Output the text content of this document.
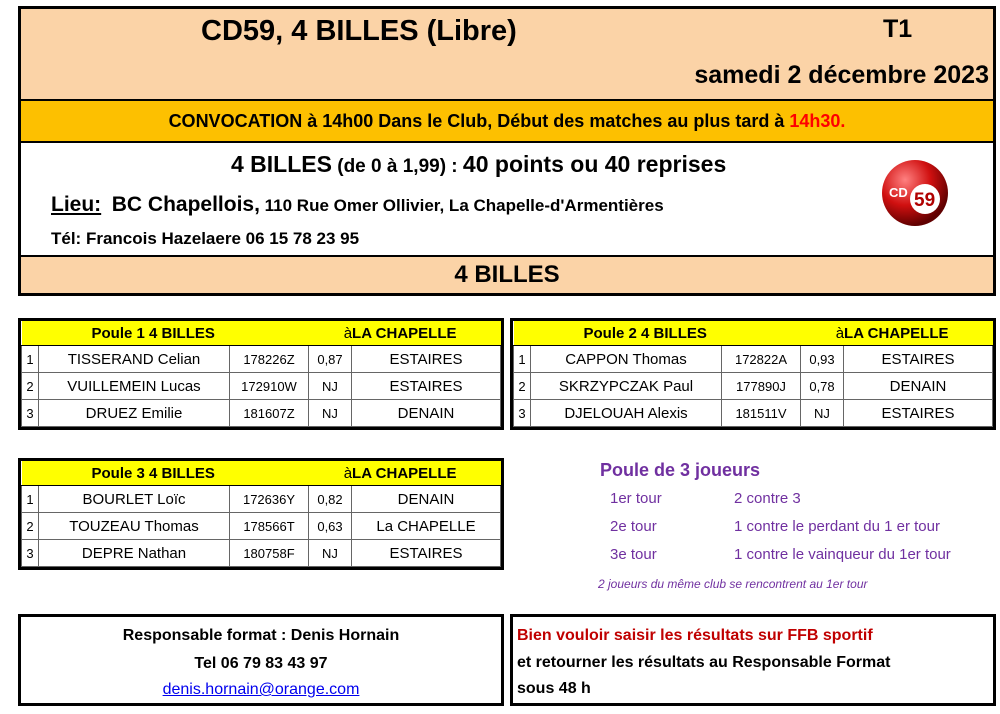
CD59, 4 BILLES (Libre)	T1
samedi 2 décembre 2023
CONVOCATION à 14h00 Dans le Club, Début des matches au plus tard à 14h30.
4 BILLES (de 0 à 1,99) : 40 points ou 40 reprises
Lieu: BC Chapellois, 110 Rue Omer Ollivier, La Chapelle-d'Armentières
Tél: Francois Hazelaere 06 15 78 23 95
CD 59
4 BILLES
Poule 1 4 BILLES			àLA CHAPELLE	
1	TISSERAND Celian	178226Z	0,87	ESTAIRES
2	VUILLEMEIN Lucas	172910W	NJ	ESTAIRES
3	DRUEZ Emilie	181607Z	NJ	DENAIN
Poule 2 4 BILLES			àLA CHAPELLE	
1	CAPPON Thomas	172822A	0,93	ESTAIRES
2	SKRZYPCZAK Paul	177890J	0,78	DENAIN
3	DJELOUAH Alexis	181511V	NJ	ESTAIRES
Poule 3 4 BILLES			àLA CHAPELLE	
1	BOURLET Loïc	172636Y	0,82	DENAIN
2	TOUZEAU Thomas	178566T	0,63	La CHAPELLE
3	DEPRE Nathan	180758F	NJ	ESTAIRES
Poule de 3 joueurs
1er tour	2 contre 3
2e tour	1 contre le perdant du 1 er tour
3e tour	1 contre le vainqueur du 1er tour
2 joueurs du même club se rencontrent au 1er tour
Responsable format : Denis Hornain
Tel 06 79 83 43 97
denis.hornain@orange.com
Bien vouloir saisir les résultats sur FFB sportif
et retourner les résultats au Responsable Format
sous 48 h
